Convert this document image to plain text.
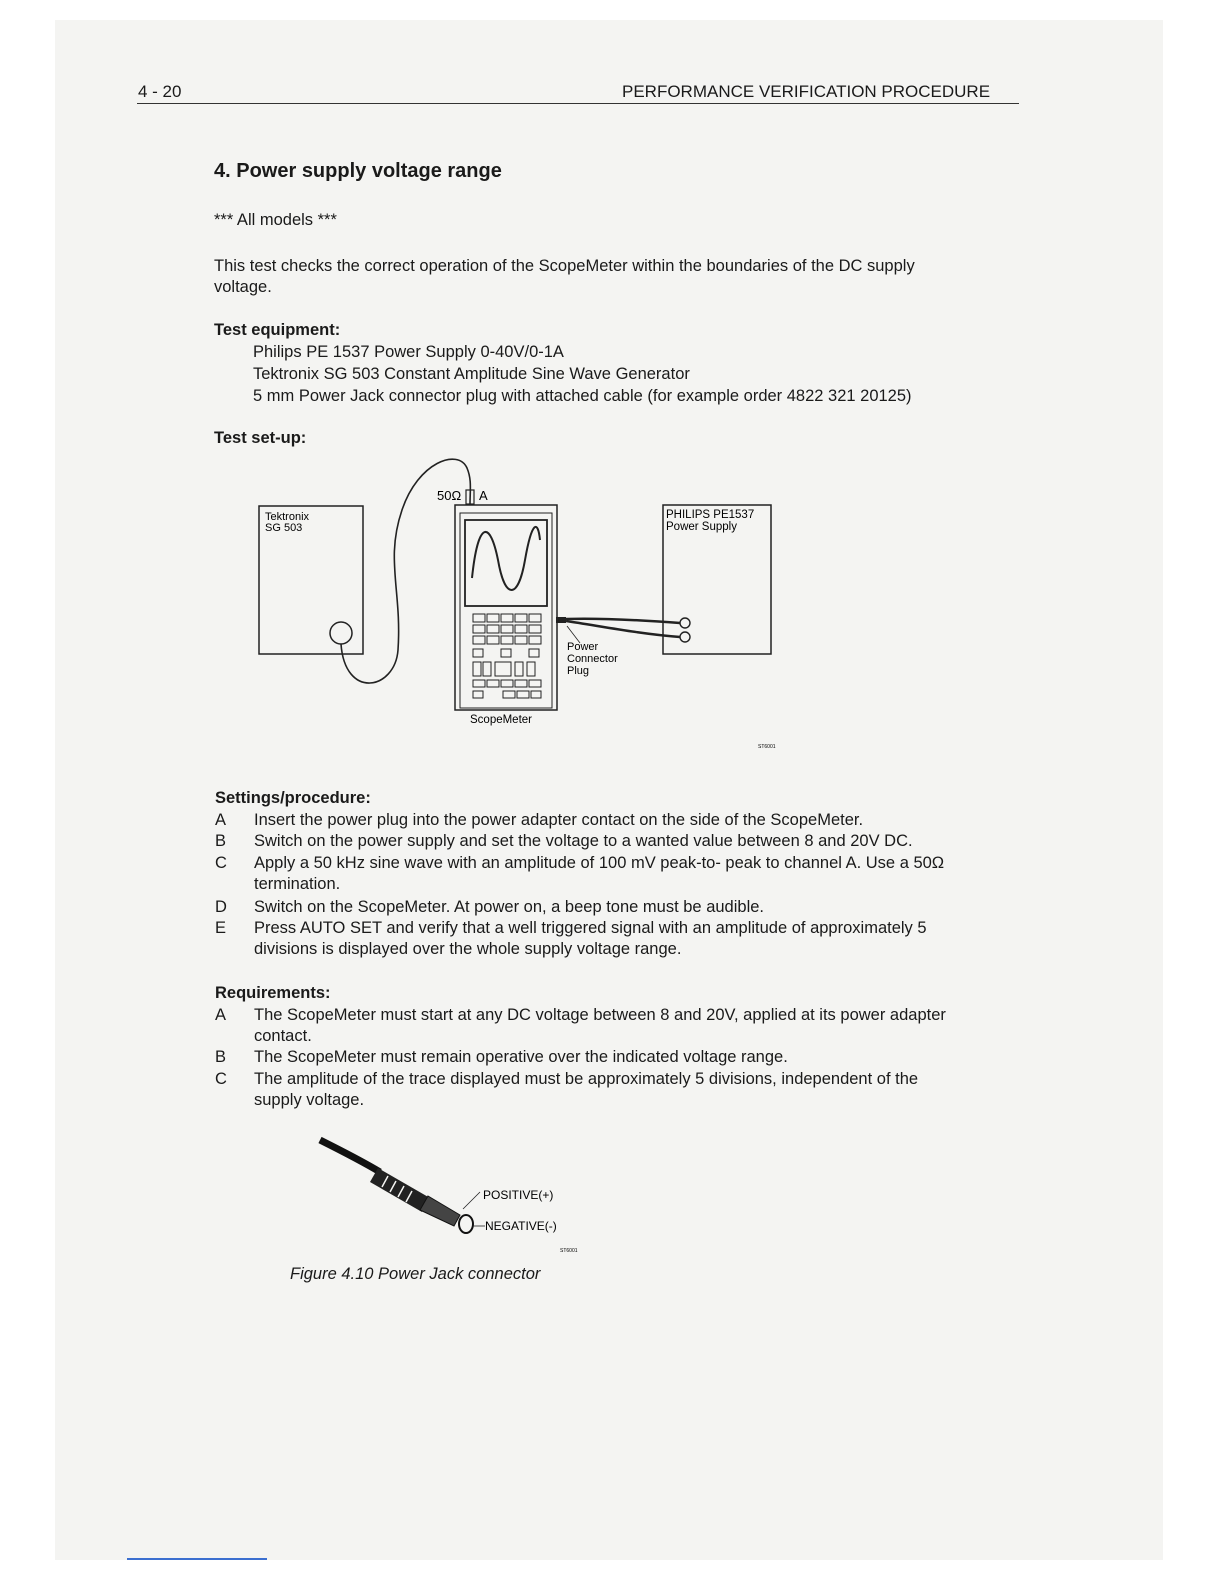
4 - 20	PERFORMANCE VERIFICATION PROCEDURE
4. Power supply voltage range
*** All models ***
This test checks the correct operation of the ScopeMeter within the boundaries of the DC supply
voltage.
Test equipment:
Philips PE 1537 Power Supply 0-40V/0-1A
Tektronix SG 503 Constant Amplitude Sine Wave Generator
5 mm Power Jack connector plug with attached cable (for example order 4822 321 20125)
Test set-up:
Tektronix
SG 503
50Ω A
ScopeMeter
Power
Connector
Plug
PHILIPS PE1537
Power Supply
ST6001
Settings/procedure:
A Insert the power plug into the power adapter contact on the side of the ScopeMeter.
B Switch on the power supply and set the voltage to a wanted value between 8 and 20V DC.
C Apply a 50 kHz sine wave with an amplitude of 100 mV peak-to- peak to channel A. Use a 50Ω
termination.
D Switch on the ScopeMeter. At power on, a beep tone must be audible.
E Press AUTO SET and verify that a well triggered signal with an amplitude of approximately 5
divisions is displayed over the whole supply voltage range.
Requirements:
A The ScopeMeter must start at any DC voltage between 8 and 20V, applied at its power adapter
contact.
B The ScopeMeter must remain operative over the indicated voltage range.
C The amplitude of the trace displayed must be approximately 5 divisions, independent of the
supply voltage.
POSITIVE(+)
NEGATIVE(-)
ST6001
Figure 4.10 Power Jack connector
